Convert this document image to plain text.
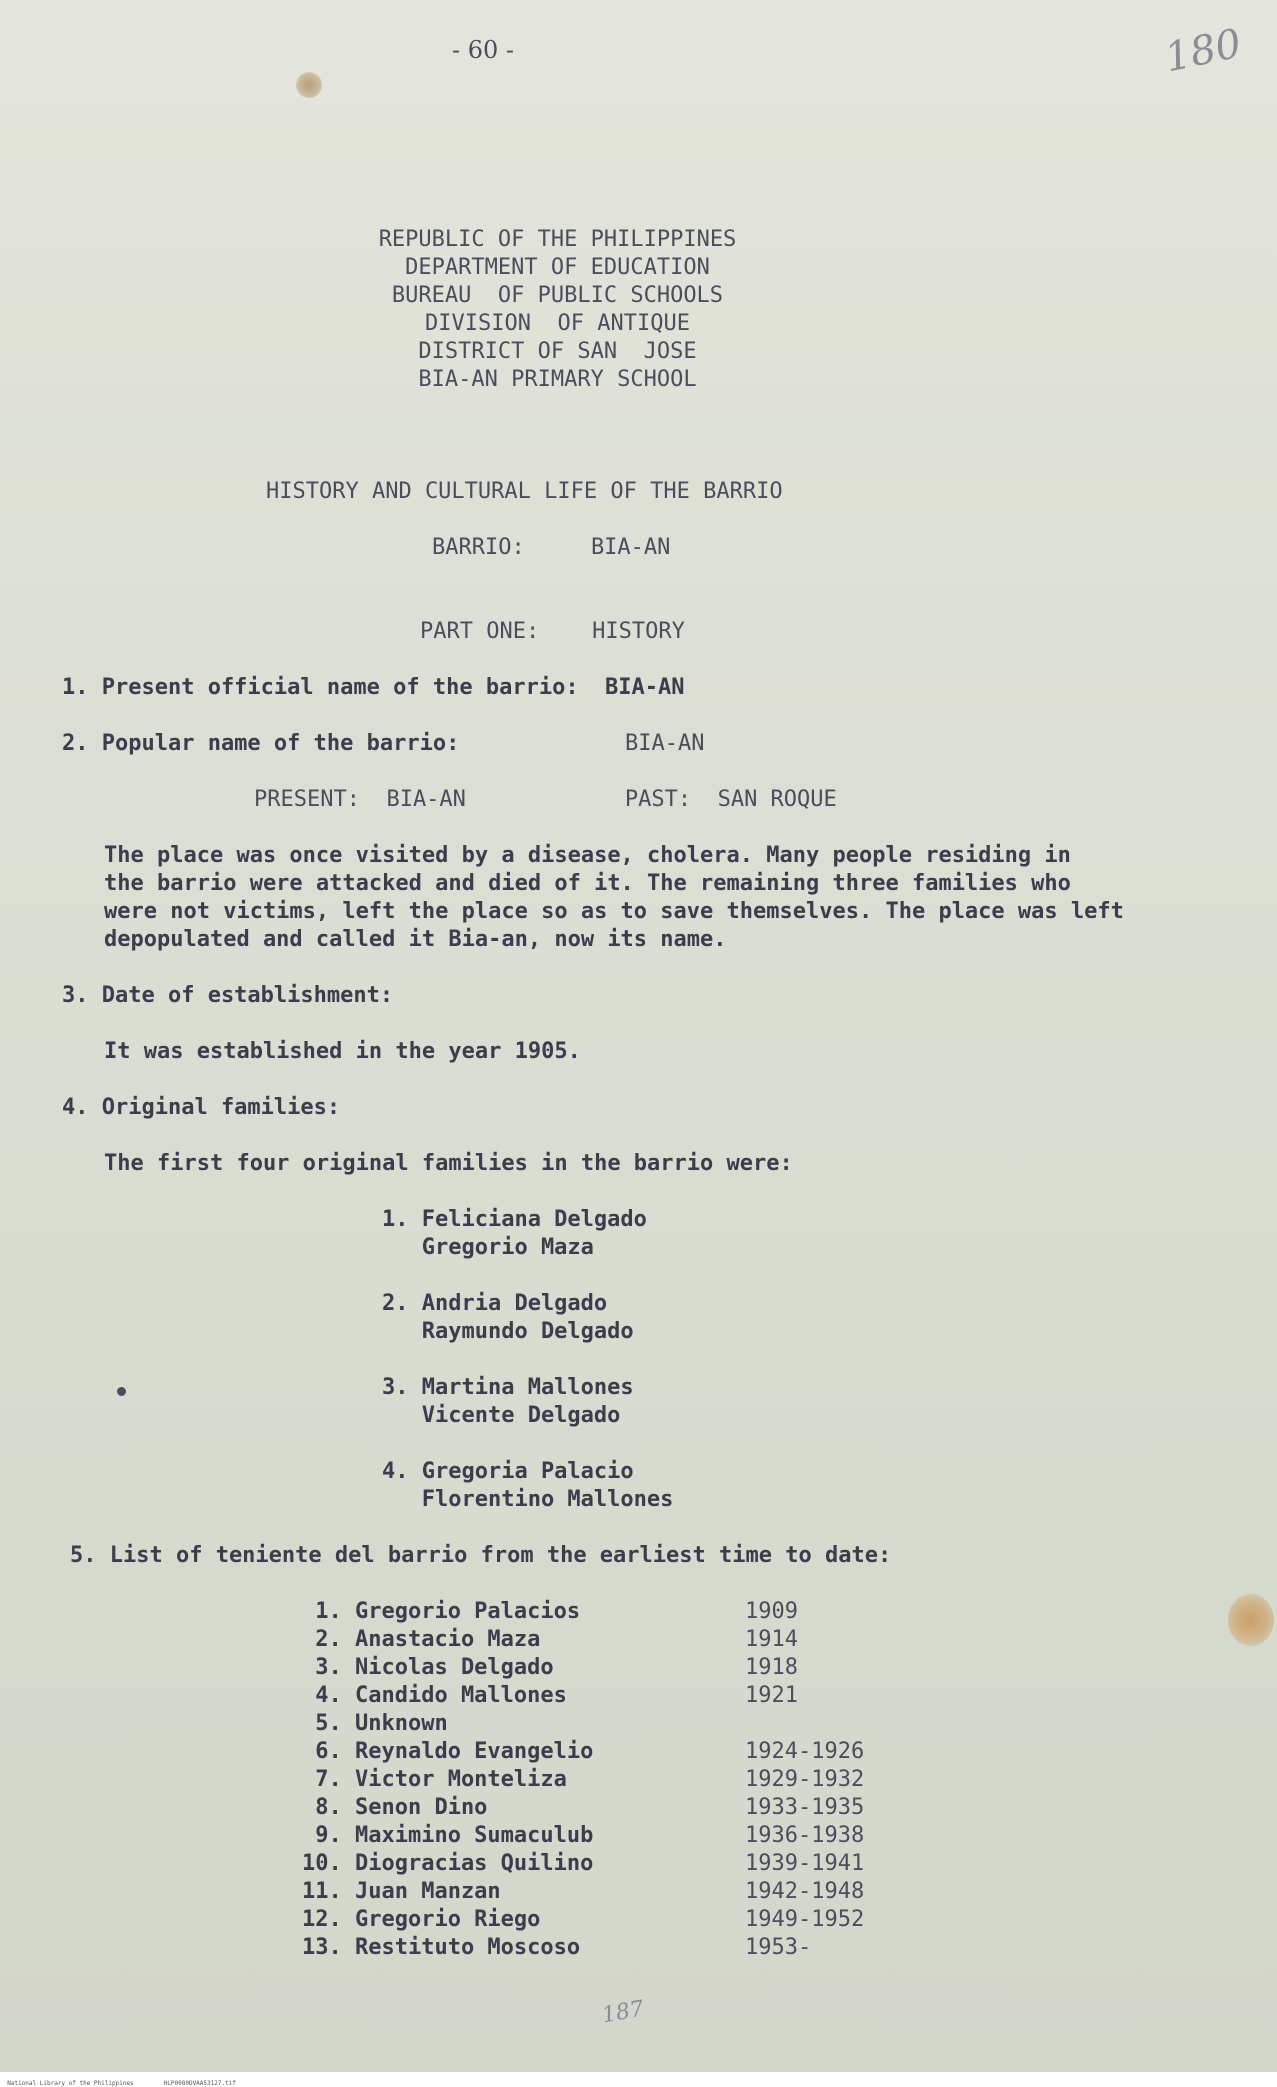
- 60 -	180
REPUBLIC OF THE PHILIPPINES
DEPARTMENT OF EDUCATION
BUREAU  OF PUBLIC SCHOOLS
DIVISION  OF ANTIQUE
DISTRICT OF SAN  JOSE
BIA-AN PRIMARY SCHOOL
HISTORY AND CULTURAL LIFE OF THE BARRIO
BARRIO:     BIA-AN
PART ONE:    HISTORY
1. Present official name of the barrio:  BIA-AN
2. Popular name of the barrio:	BIA-AN
PRESENT:  BIA-AN            PAST:  SAN ROQUE
The place was once visited by a disease, cholera. Many people residing in
the barrio were attacked and died of it. The remaining three families who
were not victims, left the place so as to save themselves. The place was left
depopulated and called it Bia-an, now its name.
3. Date of establishment:
It was established in the year 1905.
4. Original families:
The first four original families in the barrio were:
1. Feliciana Delgado
Gregorio Maza
2. Andria Delgado
Raymundo Delgado
3. Martina Mallones
Vicente Delgado
4. Gregoria Palacio
Florentino Mallones
5. List of teniente del barrio from the earliest time to date:
1. Gregorio Palacios	1909
2. Anastacio Maza	1914
3. Nicolas Delgado	1918
4. Candido Mallones	1921
5. Unknown
6. Reynaldo Evangelio	1924-1926
7. Victor Monteliza	1929-1932
8. Senon Dino	1933-1935
9. Maximino Sumaculub	1936-1938
10. Diogracias Quilino	1939-1941
11. Juan Manzan	1942-1948
12. Gregorio Riego	1949-1952
13. Restituto Moscoso	1953-
187

National Library of the Philippines	HLP0080DVAA53127.tif
